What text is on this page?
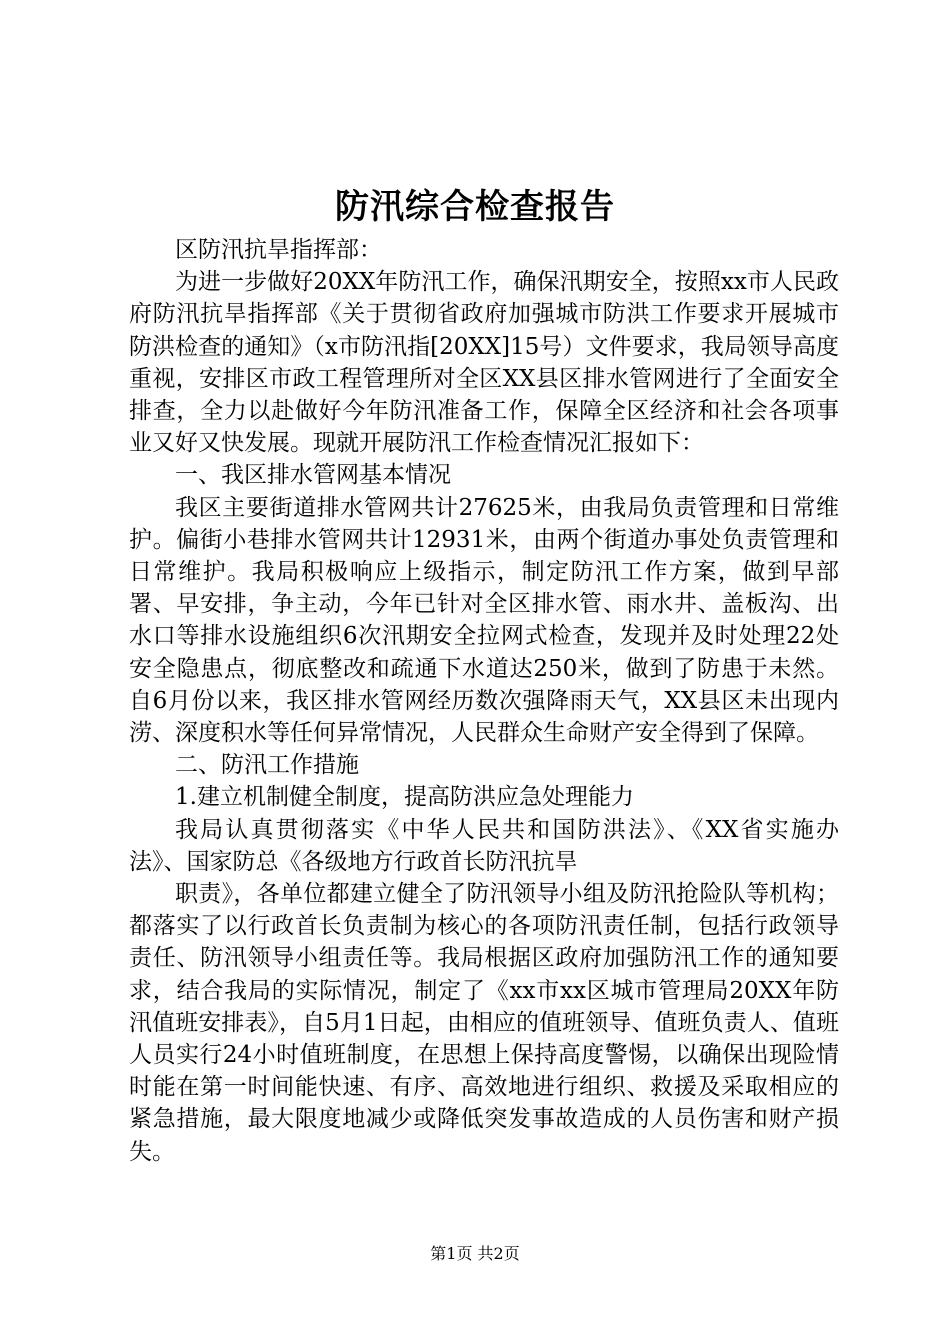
防汛综合检查报告

区防汛抗旱指挥部：

为进一步做好20XX年防汛工作，确保汛期安全，按照xx市人民政府防汛抗旱指挥部《关于贯彻省政府加强城市防洪工作要求开展城市防洪检查的通知》（x市防汛指[20XX]15号）文件要求，我局领导高度重视，安排区市政工程管理所对全区XX县区排水管网进行了全面安全排查，全力以赴做好今年防汛准备工作，保障全区经济和社会各项事业又好又快发展。现就开展防汛工作检查情况汇报如下：

一、我区排水管网基本情况

我区主要街道排水管网共计27625米，由我局负责管理和日常维护。偏街小巷排水管网共计12931米，由两个街道办事处负责管理和日常维护。我局积极响应上级指示，制定防汛工作方案，做到早部署、早安排，争主动，今年已针对全区排水管、雨水井、盖板沟、出水口等排水设施组织6次汛期安全拉网式检查，发现并及时处理22处安全隐患点，彻底整改和疏通下水道达250米，做到了防患于未然。自6月份以来，我区排水管网经历数次强降雨天气，XX县区未出现内涝、深度积水等任何异常情况，人民群众生命财产安全得到了保障。

二、防汛工作措施

1.建立机制健全制度，提高防洪应急处理能力

我局认真贯彻落实《中华人民共和国防洪法》、《XX省实施办法》、国家防总《各级地方行政首长防汛抗旱

职责》，各单位都建立健全了防汛领导小组及防汛抢险队等机构；都落实了以行政首长负责制为核心的各项防汛责任制，包括行政领导责任、防汛领导小组责任等。我局根据区政府加强防汛工作的通知要求，结合我局的实际情况，制定了《xx市xx区城市管理局20XX年防汛值班安排表》，自5月1日起，由相应的值班领导、值班负责人、值班人员实行24小时值班制度，在思想上保持高度警惕，以确保出现险情时能在第一时间能快速、有序、高效地进行组织、救援及采取相应的紧急措施，最大限度地减少或降低突发事故造成的人员伤害和财产损失。

第1页 共2页
